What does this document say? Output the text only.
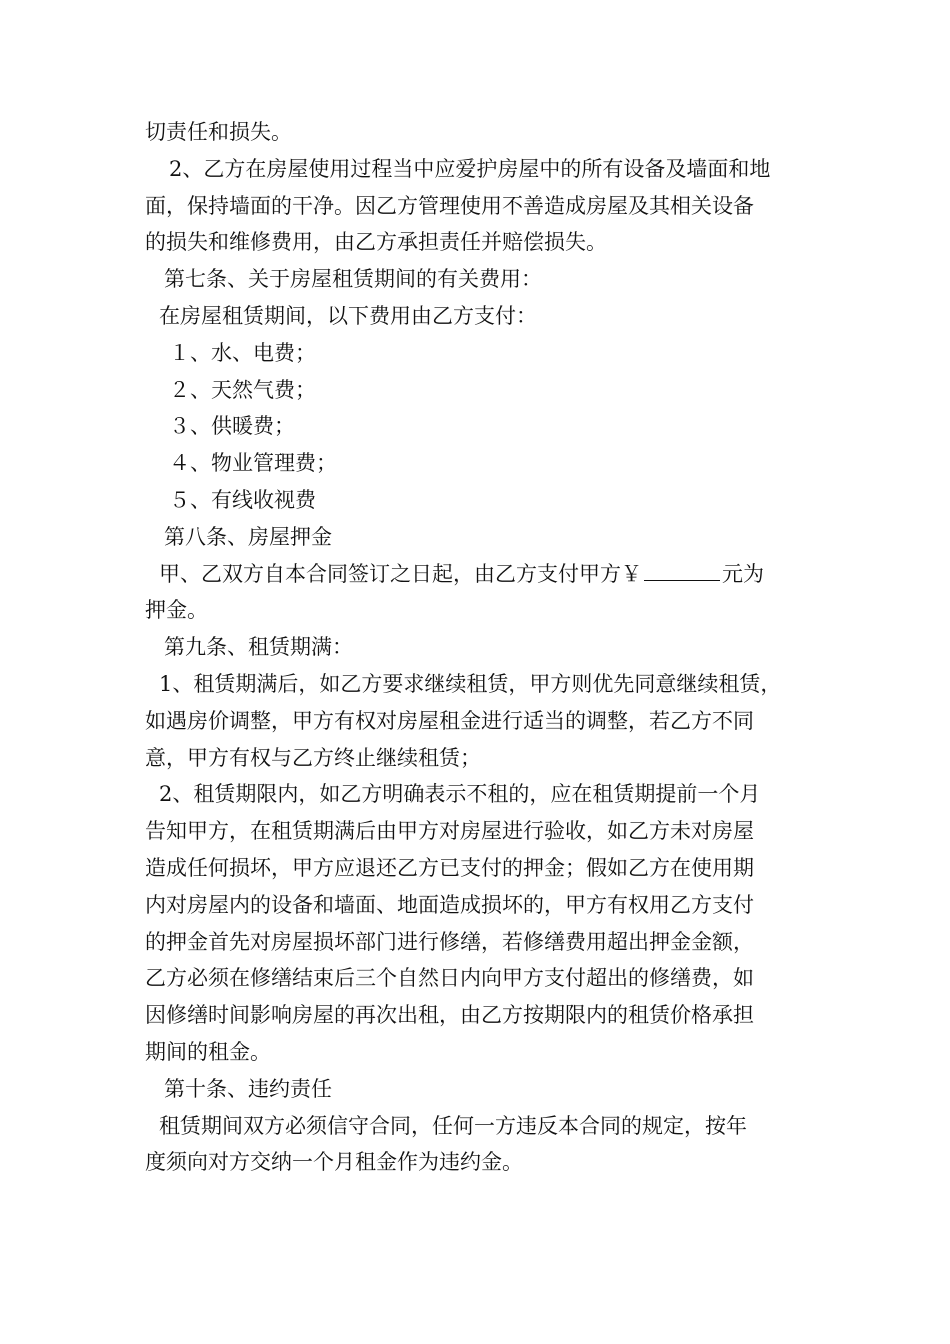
切责任和损失。
2、乙方在房屋使用过程当中应爱护房屋中的所有设备及墙面和地
面，保持墙面的干净。因乙方管理使用不善造成房屋及其相关设备
的损失和维修费用，由乙方承担责任并赔偿损失。
第七条、关于房屋租赁期间的有关费用：
在房屋租赁期间，以下费用由乙方支付：
１、水、电费；
２、天然气费；
３、供暖费；
４、物业管理费；
５、有线收视费
第八条、房屋押金
甲、乙双方自本合同签订之日起，由乙方支付甲方￥	元为
押金。
第九条、租赁期满：
1、租赁期满后，如乙方要求继续租赁，甲方则优先同意继续租赁，
如遇房价调整，甲方有权对房屋租金进行适当的调整，若乙方不同
意，甲方有权与乙方终止继续租赁；
2、租赁期限内，如乙方明确表示不租的，应在租赁期提前一个月
告知甲方，在租赁期满后由甲方对房屋进行验收，如乙方未对房屋
造成任何损坏，甲方应退还乙方已支付的押金；假如乙方在使用期
内对房屋内的设备和墙面、地面造成损坏的，甲方有权用乙方支付
的押金首先对房屋损坏部门进行修缮，若修缮费用超出押金金额，
乙方必须在修缮结束后三个自然日内向甲方支付超出的修缮费，如
因修缮时间影响房屋的再次出租，由乙方按期限内的租赁价格承担
期间的租金。
第十条、违约责任
租赁期间双方必须信守合同，任何一方违反本合同的规定，按年
度须向对方交纳一个月租金作为违约金。
